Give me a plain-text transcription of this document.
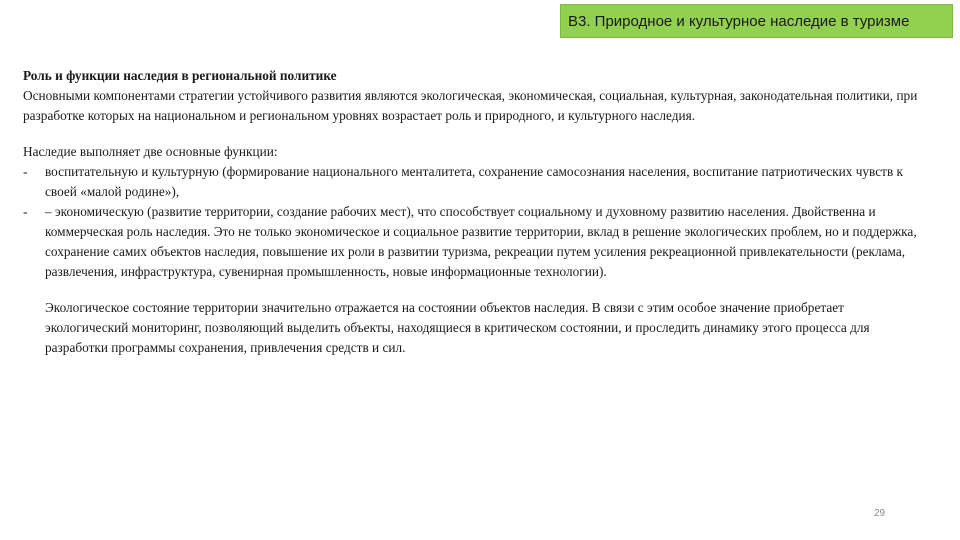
В3. Природное и культурное наследие в туризме
Роль и функции наследия в региональной политике

Основными компонентами стратегии устойчивого развития являются экологическая, экономическая, социальная, культурная, законодательная политики, при разработке которых на национальном и региональном уровнях возрастает роль и природного, и культурного наследия.

Наследие выполняет две основные функции:

- воспитательную и культурную (формирование национального менталитета, сохранение самосознания населения, воспитание патриотических чувств к своей «малой родине»),
- – экономическую (развитие территории, создание рабочих мест), что способствует социальному и духовному развитию населения. Двойственна и коммерческая роль наследия. Это не только экономическое и социальное развитие территории, вклад в решение экологических проблем, но и поддержка, сохранение самих объектов наследия, повышение их роли в развитии туризма, рекреации путем усиления рекреационной привлекательности (реклама, развлечения, инфраструктура, сувенирная промышленность, новые информационные технологии).

Экологическое состояние территории значительно отражается на состоянии объектов наследия. В связи с этим особое значение приобретает экологический мониторинг, позволяющий выделить объекты, находящиеся в критическом состоянии, и проследить динамику этого процесса для разработки программы сохранения, привлечения средств и сил.

29
